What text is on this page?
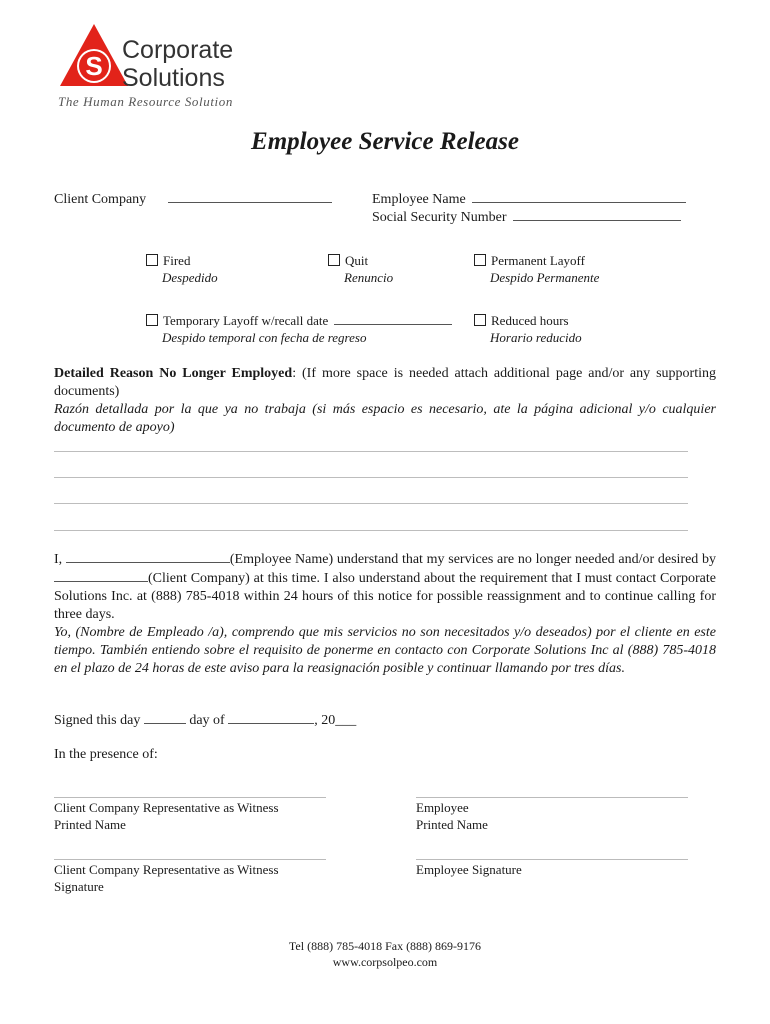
S
Corporate
Solutions
The Human Resource Solution
Employee Service Release
Client Company	Employee Name
Social Security Number
Fired
Despedido
Quit
Renuncio
Permanent Layoff
Despido Permanente
Temporary Layoff w/recall date
Despido temporal con fecha de regreso
Reduced hours
Horario reducido
Detailed Reason No Longer Employed: (If more space is needed attach additional page and/or any supporting documents)
Razón detallada por la que ya no trabaja (si más espacio es necesario, ate la página adicional y/o cualquier documento de apoyo)
I,	(Employee Name) understand that my services are no longer needed and/or desired by (Client Company) at this time. I also understand about the requirement that I must contact Corporate Solutions Inc. at (888) 785-4018 within 24 hours of this notice for possible reassignment and to continue calling for three days.
Yo, (Nombre de Empleado /a), comprendo que mis servicios no son necesitados y/o deseados) por el cliente en este tiempo. También entiendo sobre el requisito de ponerme en contacto con Corporate Solutions Inc al (888) 785-4018 en el plazo de 24 horas de este aviso para la reasignación posible y continuar llamando por tres días.
Signed this day	day of	, 20___
In the presence of:
Client Company Representative as Witness
Printed Name
Employee
Printed Name
Client Company Representative as Witness
Signature
Employee Signature
Tel (888) 785-4018 Fax (888) 869-9176
www.corpsolpeo.com
